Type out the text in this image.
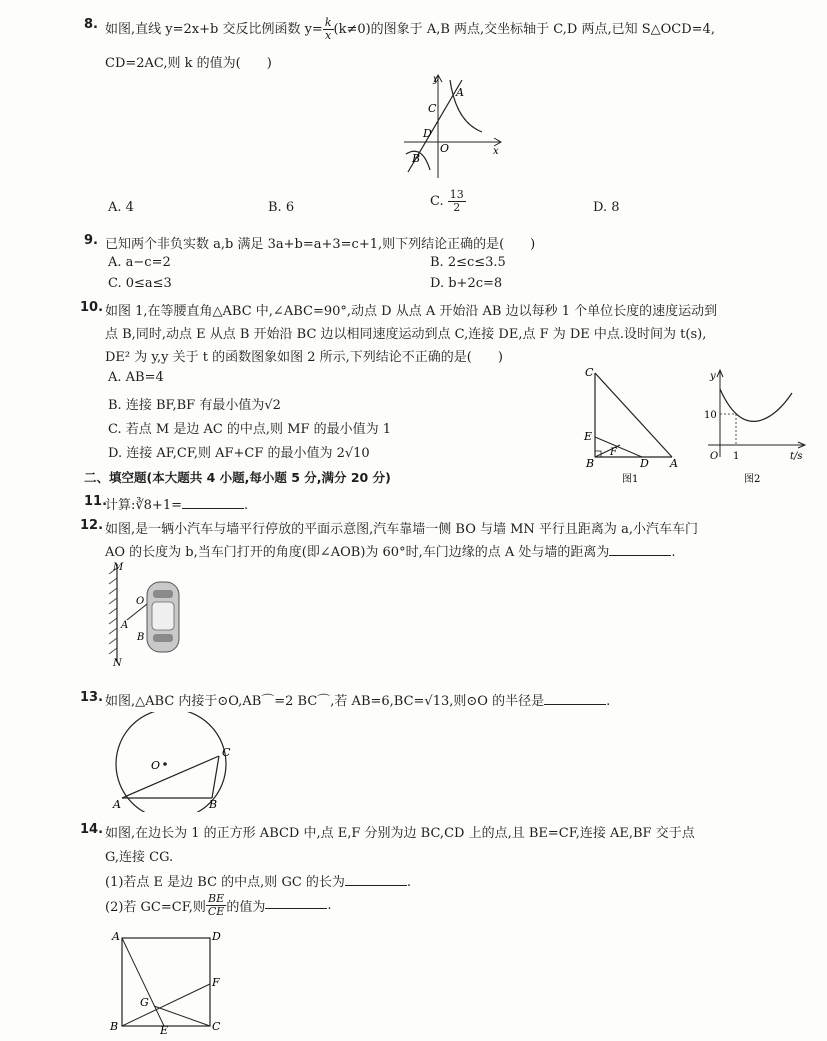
8. 如图,直线 y=2x+b 交反比例函数 $y= \frac{k}{x} (k\ne 0)$的图象于 A,B 两点,交坐标轴于 C,D 两点,已知 S△OCD=4,
CD=2AC,则 k 的值为(　　)
y
A
C
D
O	x
B
A. 4	B. 6	C. $\frac{13}{2}$	D. 8
9. 已知两个非负实数 a,b 满足 3a+b=a+3=c+1,则下列结论正确的是(　　)
A. a−c=2	B. 2≤c≤3.5
C. 0≤a≤3	D. b+2c=8
10. 如图 1,在等腰直角△ABC 中,∠ABC=90°,动点 D 从点 A 开始沿 AB 边以每秒 1 个单位长度的速度运动到
点 B,同时,动点 E 从点 B 开始沿 BC 边以相同速度运动到点 C,连接 DE,点 F 为 DE 中点.设时间为 t(s),
DE² 为 y,y 关于 t 的函数图象如图 2 所示,下列结论不正确的是(　　)
A. AB=4
B. 连接 BF,BF 有最小值为√2
C. 若点 M 是边 AC 的中点,则 MF 的最小值为 1
D. 连接 AF,CF,则 AF+CF 的最小值为 2√10
C
E
F
B	D A
图1
y
10
O 1	t/s
图2
二、填空题(本大题共 4 小题,每小题 5 分,满分 20 分)
11.
计算:∛8+1=	.
12. 如图,是一辆小汽车与墙平行停放的平面示意图,汽车靠墙一侧 BO 与墙 MN 平行且距离为 a,小汽车车门
AO 的长度为 b,当车门打开的角度(即∠AOB)为 60°时,车门边缘的点 A 处与墙的距离为	.
M
O
A
B
N
13. 如图,△ABC 内接于⊙O,AB⌒=2 BC⌒,若 AB=6,BC=√13,则⊙O 的半径是	.
O
C
A	B
14. 如图,在边长为 1 的正方形 ABCD 中,点 E,F 分别为边 BC,CD 上的点,且 BE=CF,连接 AE,BF 交于点
G,连接 CG.
(1)若点 E 是边 BC 的中点,则 GC 的长为	.
(2)若 GC=CF,则 $\frac{BE}{CE}$ 的值为	.
A	D
F
G
B	E	C
